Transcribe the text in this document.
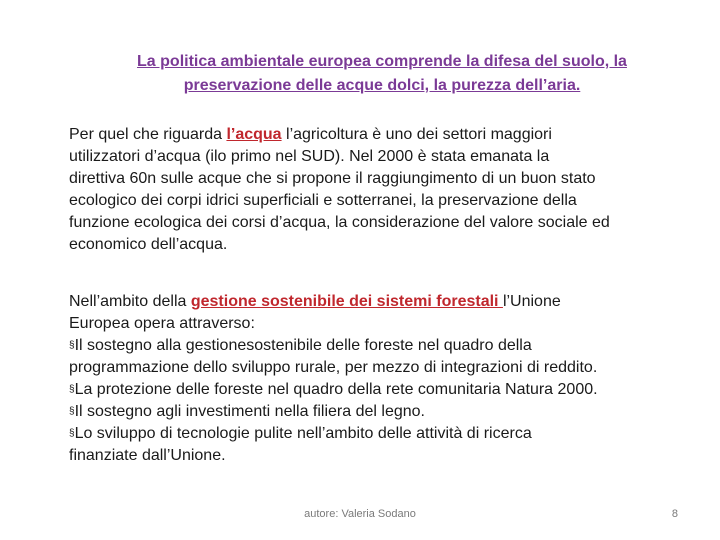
La politica ambientale europea comprende la difesa del suolo, la
preservazione delle acque dolci, la purezza dell’aria.
Per quel che riguarda l’acqua l’agricoltura è uno dei settori maggiori
utilizzatori d’acqua (ilo primo nel SUD). Nel 2000 è stata emanata la
direttiva 60n sulle acque che si propone il raggiungimento di un buon stato
ecologico dei corpi idrici superficiali e sotterranei, la preservazione della
funzione ecologica dei corsi d’acqua, la considerazione del valore sociale ed
economico dell’acqua.
Nell’ambito della gestione sostenibile dei sistemi forestali l’Unione
Europea opera attraverso:
§Il sostegno alla gestionesostenibile delle foreste nel quadro della
programmazione dello sviluppo rurale, per mezzo di integrazioni di reddito.
§La protezione delle foreste nel quadro della rete comunitaria Natura 2000.
§Il sostegno agli investimenti nella filiera del legno.
§Lo sviluppo di tecnologie pulite nell’ambito delle attività di ricerca
finanziate dall’Unione.
autore: Valeria Sodano	8
